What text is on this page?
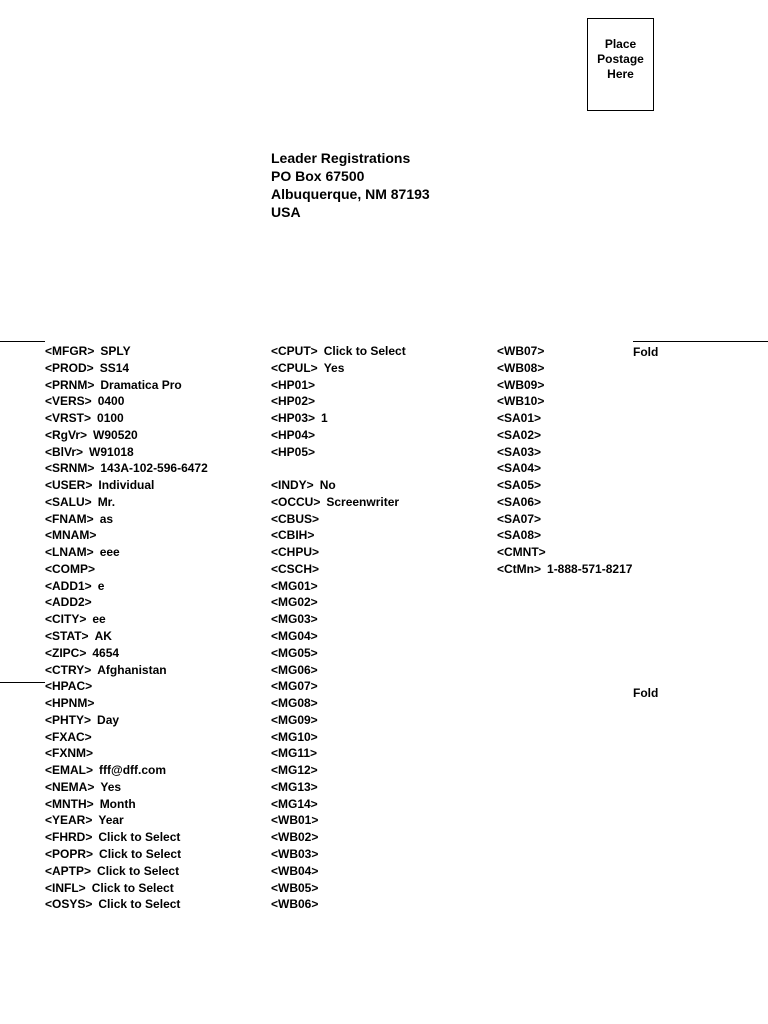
Place
Postage
Here
Leader Registrations
PO Box 67500
Albuquerque, NM 87193
USA
Fold
Fold
<MFGR> SPLY
<PROD> SS14
<PRNM> Dramatica Pro
<VERS> 0400
<VRST> 0100
<RgVr> W90520
<BlVr> W91018
<SRNM> 143A-102-596-6472
<USER> Individual
<SALU> Mr.
<FNAM> as
<MNAM>
<LNAM> eee
<COMP>
<ADD1> e
<ADD2>
<CITY> ee
<STAT> AK
<ZIPC> 4654
<CTRY> Afghanistan
<HPAC>
<HPNM>
<PHTY> Day
<FXAC>
<FXNM>
<EMAL> fff@dff.com
<NEMA> Yes
<MNTH> Month
<YEAR> Year
<FHRD> Click to Select
<POPR> Click to Select
<APTP> Click to Select
<INFL> Click to Select
<OSYS> Click to Select
<CPUT> Click to Select
<CPUL> Yes
<HP01>
<HP02>
<HP03> 1
<HP04>
<HP05>
<INDY> No
<OCCU> Screenwriter
<CBUS>
<CBIH>
<CHPU>
<CSCH>
<MG01>
<MG02>
<MG03>
<MG04>
<MG05>
<MG06>
<MG07>
<MG08>
<MG09>
<MG10>
<MG11>
<MG12>
<MG13>
<MG14>
<WB01>
<WB02>
<WB03>
<WB04>
<WB05>
<WB06>
<WB07>
<WB08>
<WB09>
<WB10>
<SA01>
<SA02>
<SA03>
<SA04>
<SA05>
<SA06>
<SA07>
<SA08>
<CMNT>
<CtMn> 1-888-571-8217
